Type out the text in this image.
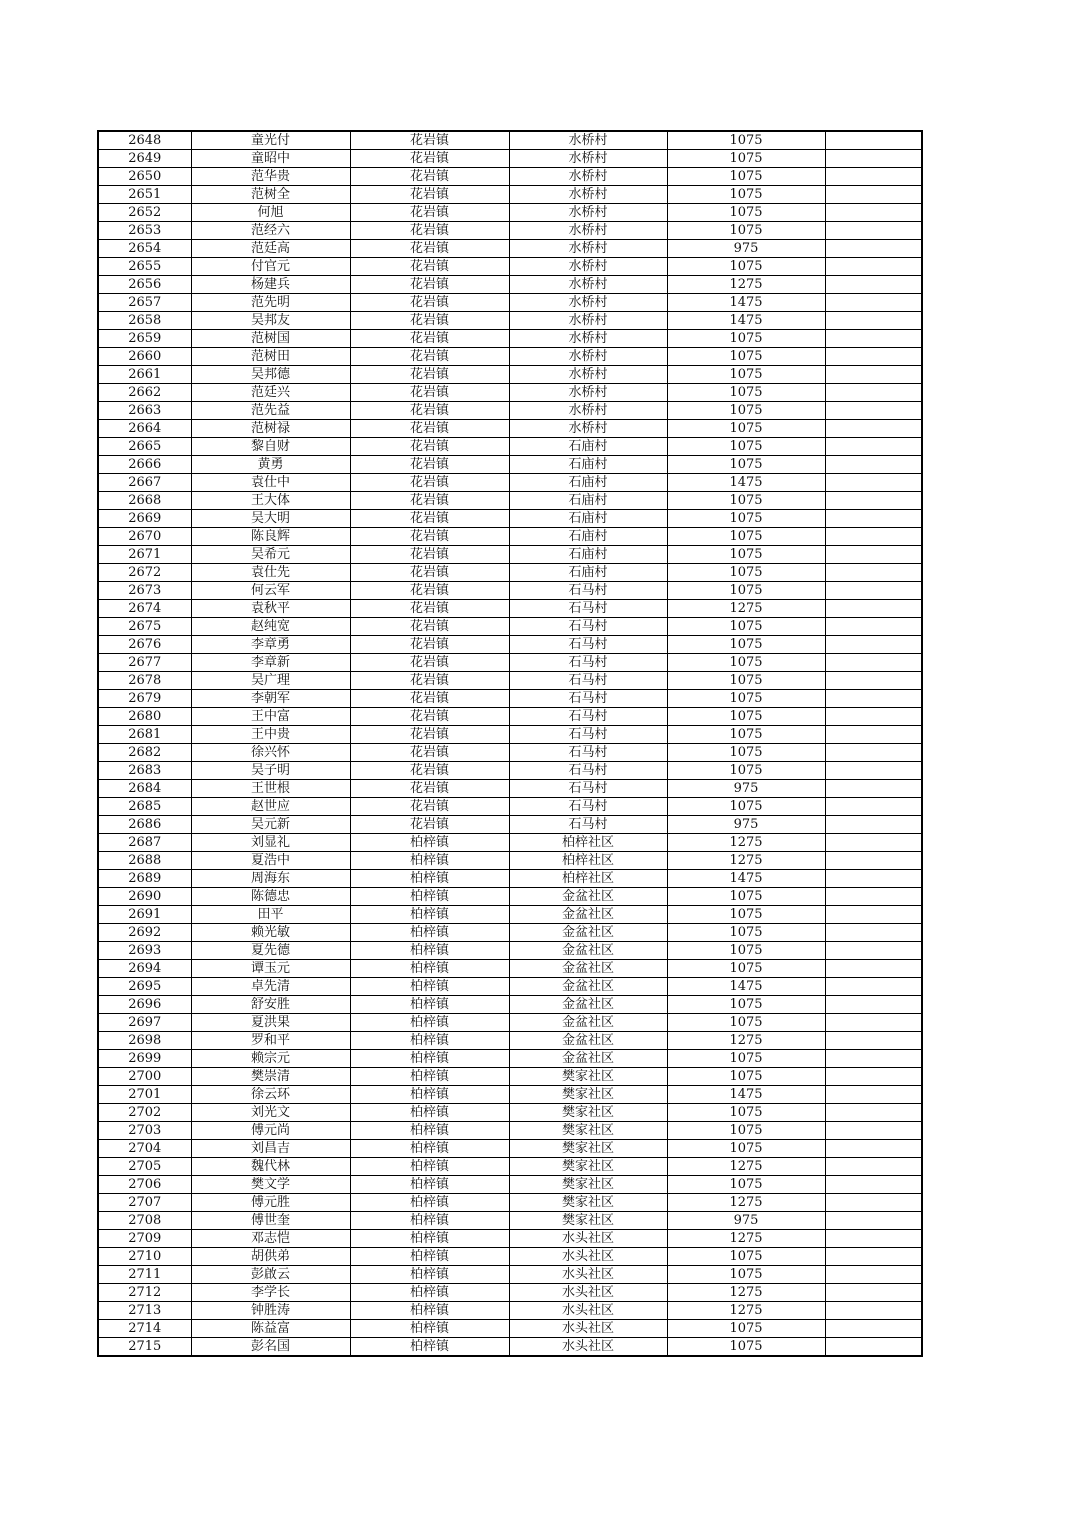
2648	童光付	花岩镇	水桥村	1075	
2649	童昭中	花岩镇	水桥村	1075	
2650	范华贵	花岩镇	水桥村	1075	
2651	范树全	花岩镇	水桥村	1075	
2652	何旭	花岩镇	水桥村	1075	
2653	范经六	花岩镇	水桥村	1075	
2654	范廷高	花岩镇	水桥村	975	
2655	付官元	花岩镇	水桥村	1075	
2656	杨建兵	花岩镇	水桥村	1275	
2657	范先明	花岩镇	水桥村	1475	
2658	吴邦友	花岩镇	水桥村	1475	
2659	范树国	花岩镇	水桥村	1075	
2660	范树田	花岩镇	水桥村	1075	
2661	吴邦德	花岩镇	水桥村	1075	
2662	范廷兴	花岩镇	水桥村	1075	
2663	范先益	花岩镇	水桥村	1075	
2664	范树禄	花岩镇	水桥村	1075	
2665	黎自财	花岩镇	石庙村	1075	
2666	黄勇	花岩镇	石庙村	1075	
2667	袁仕中	花岩镇	石庙村	1475	
2668	王大体	花岩镇	石庙村	1075	
2669	吴大明	花岩镇	石庙村	1075	
2670	陈良辉	花岩镇	石庙村	1075	
2671	吴希元	花岩镇	石庙村	1075	
2672	袁仕先	花岩镇	石庙村	1075	
2673	何云军	花岩镇	石马村	1075	
2674	袁秋平	花岩镇	石马村	1275	
2675	赵纯宽	花岩镇	石马村	1075	
2676	李章勇	花岩镇	石马村	1075	
2677	李章新	花岩镇	石马村	1075	
2678	吴广理	花岩镇	石马村	1075	
2679	李朝军	花岩镇	石马村	1075	
2680	王中富	花岩镇	石马村	1075	
2681	王中贵	花岩镇	石马村	1075	
2682	徐兴怀	花岩镇	石马村	1075	
2683	吴子明	花岩镇	石马村	1075	
2684	王世根	花岩镇	石马村	975	
2685	赵世应	花岩镇	石马村	1075	
2686	吴元新	花岩镇	石马村	975	
2687	刘显礼	柏梓镇	柏梓社区	1275	
2688	夏浩中	柏梓镇	柏梓社区	1275	
2689	周海东	柏梓镇	柏梓社区	1475	
2690	陈德忠	柏梓镇	金盆社区	1075	
2691	田平	柏梓镇	金盆社区	1075	
2692	赖光敏	柏梓镇	金盆社区	1075	
2693	夏先德	柏梓镇	金盆社区	1075	
2694	谭玉元	柏梓镇	金盆社区	1075	
2695	卓先清	柏梓镇	金盆社区	1475	
2696	舒安胜	柏梓镇	金盆社区	1075	
2697	夏洪果	柏梓镇	金盆社区	1075	
2698	罗和平	柏梓镇	金盆社区	1275	
2699	赖宗元	柏梓镇	金盆社区	1075	
2700	樊崇清	柏梓镇	樊家社区	1075	
2701	徐云环	柏梓镇	樊家社区	1475	
2702	刘光文	柏梓镇	樊家社区	1075	
2703	傅元尚	柏梓镇	樊家社区	1075	
2704	刘昌吉	柏梓镇	樊家社区	1075	
2705	魏代林	柏梓镇	樊家社区	1275	
2706	樊文学	柏梓镇	樊家社区	1075	
2707	傅元胜	柏梓镇	樊家社区	1275	
2708	傅世奎	柏梓镇	樊家社区	975	
2709	邓志恺	柏梓镇	水头社区	1275	
2710	胡供弟	柏梓镇	水头社区	1075	
2711	彭啟云	柏梓镇	水头社区	1075	
2712	李学长	柏梓镇	水头社区	1275	
2713	钟胜涛	柏梓镇	水头社区	1275	
2714	陈益富	柏梓镇	水头社区	1075	
2715	彭名国	柏梓镇	水头社区	1075	
